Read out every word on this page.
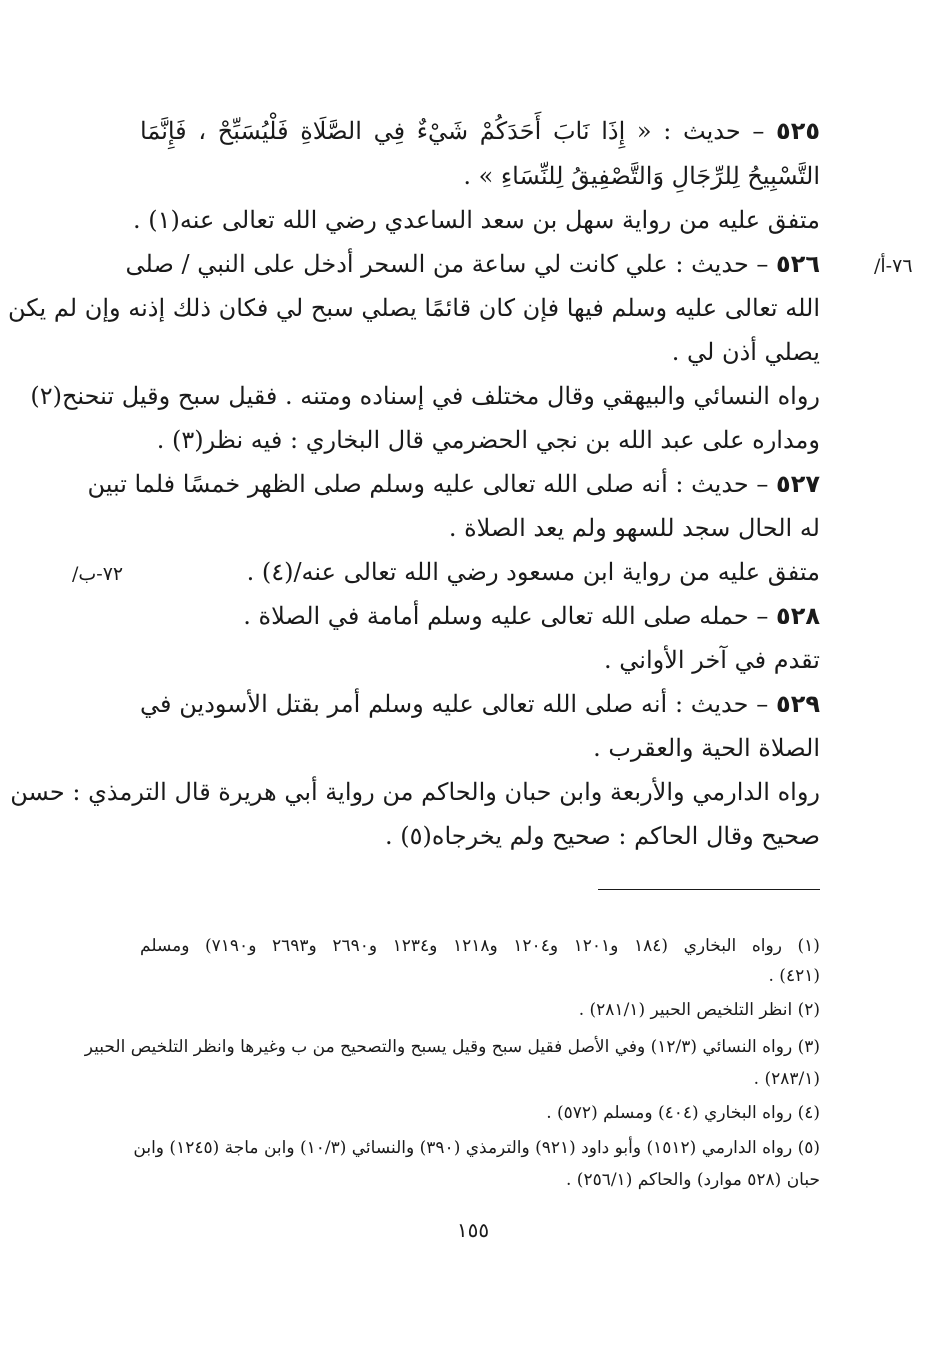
٥٢٥ – حديث : « إِذَا نَابَ أَحَدَكُمْ شَيْءٌ فِي الصَّلَاةِ فَلْيُسَبِّحْ ، فَإِنَّمَا
التَّسْبِيحُ لِلرِّجَالِ وَالتَّصْفِيقُ لِلنِّسَاءِ » .
متفق عليه من رواية سهل بن سعد الساعدي رضي الله تعالى عنه(١) .
٥٢٦ – حديث : علي كانت لي ساعة من السحر أدخل على النبي / صلى	/٧٦-أ
الله تعالى عليه وسلم فيها فإن كان قائمًا يصلي سبح لي فكان ذلك إذنه وإن لم يكن
يصلي أذن لي .
رواه النسائي والبيهقي وقال مختلف في إسناده ومتنه . فقيل سبح وقيل تنحنح(٢)
ومداره على عبد الله بن نجي الحضرمي قال البخاري : فيه نظر(٣) .
٥٢٧ – حديث : أنه صلى الله تعالى عليه وسلم صلى الظهر خمسًا فلما تبين
له الحال سجد للسهو ولم يعد الصلاة .
متفق عليه من رواية ابن مسعود رضي الله تعالى عنه/(٤) .
/٧٢-ب
٥٢٨ – حمله صلى الله تعالى عليه وسلم أمامة في الصلاة .
تقدم في آخر الأواني .
٥٢٩ – حديث : أنه صلى الله تعالى عليه وسلم أمر بقتل الأسودين في
الصلاة الحية والعقرب .
رواه الدارمي والأربعة وابن حبان والحاكم من رواية أبي هريرة قال الترمذي : حسن
صحيح وقال الحاكم : صحيح ولم يخرجاه(٥) .
(١) رواه البخاري (١٨٤ و١٢٠١ و١٢٠٤ و١٢١٨ و١٢٣٤ و٢٦٩٠ و٢٦٩٣ و٧١٩٠) ومسلم
(٤٢١) .
(٢) انظر التلخيص الحبير (٢٨١/١) .
(٣) رواه النسائي (١٢/٣) وفي الأصل فقيل سبح وقيل يسبح والتصحيح من ب وغيرها وانظر التلخيص الحبير
(٢٨٣/١) .
(٤) رواه البخاري (٤٠٤) ومسلم (٥٧٢) .
(٥) رواه الدارمي (١٥١٢) وأبو داود (٩٢١) والترمذي (٣٩٠) والنسائي (١٠/٣) وابن ماجة (١٢٤٥) وابن
حبان (٥٢٨ موارد) والحاكم (٢٥٦/١) .
١٥٥
